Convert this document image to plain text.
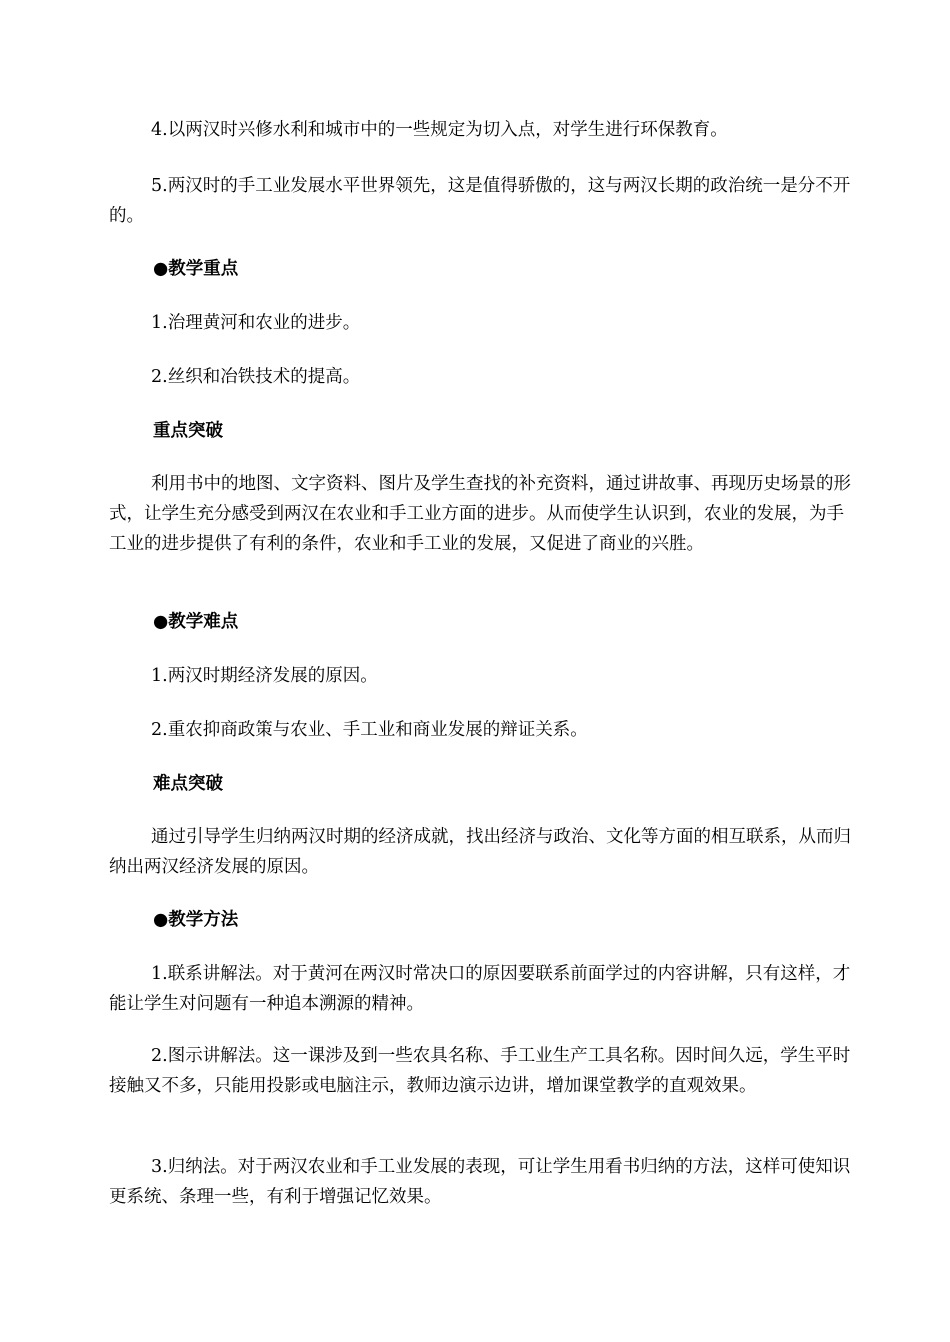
4.以两汉时兴修水利和城市中的一些规定为切入点，对学生进行环保教育。

5.两汉时的手工业发展水平世界领先，这是值得骄傲的，这与两汉长期的政治统一是分不开的。

●教学重点

1.治理黄河和农业的进步。

2.丝织和冶铁技术的提高。

重点突破

利用书中的地图、文字资料、图片及学生查找的补充资料，通过讲故事、再现历史场景的形式，让学生充分感受到两汉在农业和手工业方面的进步。从而使学生认识到，农业的发展，为手工业的进步提供了有利的条件，农业和手工业的发展，又促进了商业的兴胜。

●教学难点

1.两汉时期经济发展的原因。

2.重农抑商政策与农业、手工业和商业发展的辩证关系。

难点突破

通过引导学生归纳两汉时期的经济成就，找出经济与政治、文化等方面的相互联系，从而归纳出两汉经济发展的原因。

●教学方法

1.联系讲解法。对于黄河在两汉时常决口的原因要联系前面学过的内容讲解，只有这样，才能让学生对问题有一种追本溯源的精神。

2.图示讲解法。这一课涉及到一些农具名称、手工业生产工具名称。因时间久远，学生平时接触又不多，只能用投影或电脑注示，教师边演示边讲，增加课堂教学的直观效果。

3.归纳法。对于两汉农业和手工业发展的表现，可让学生用看书归纳的方法，这样可使知识更系统、条理一些，有利于增强记忆效果。
